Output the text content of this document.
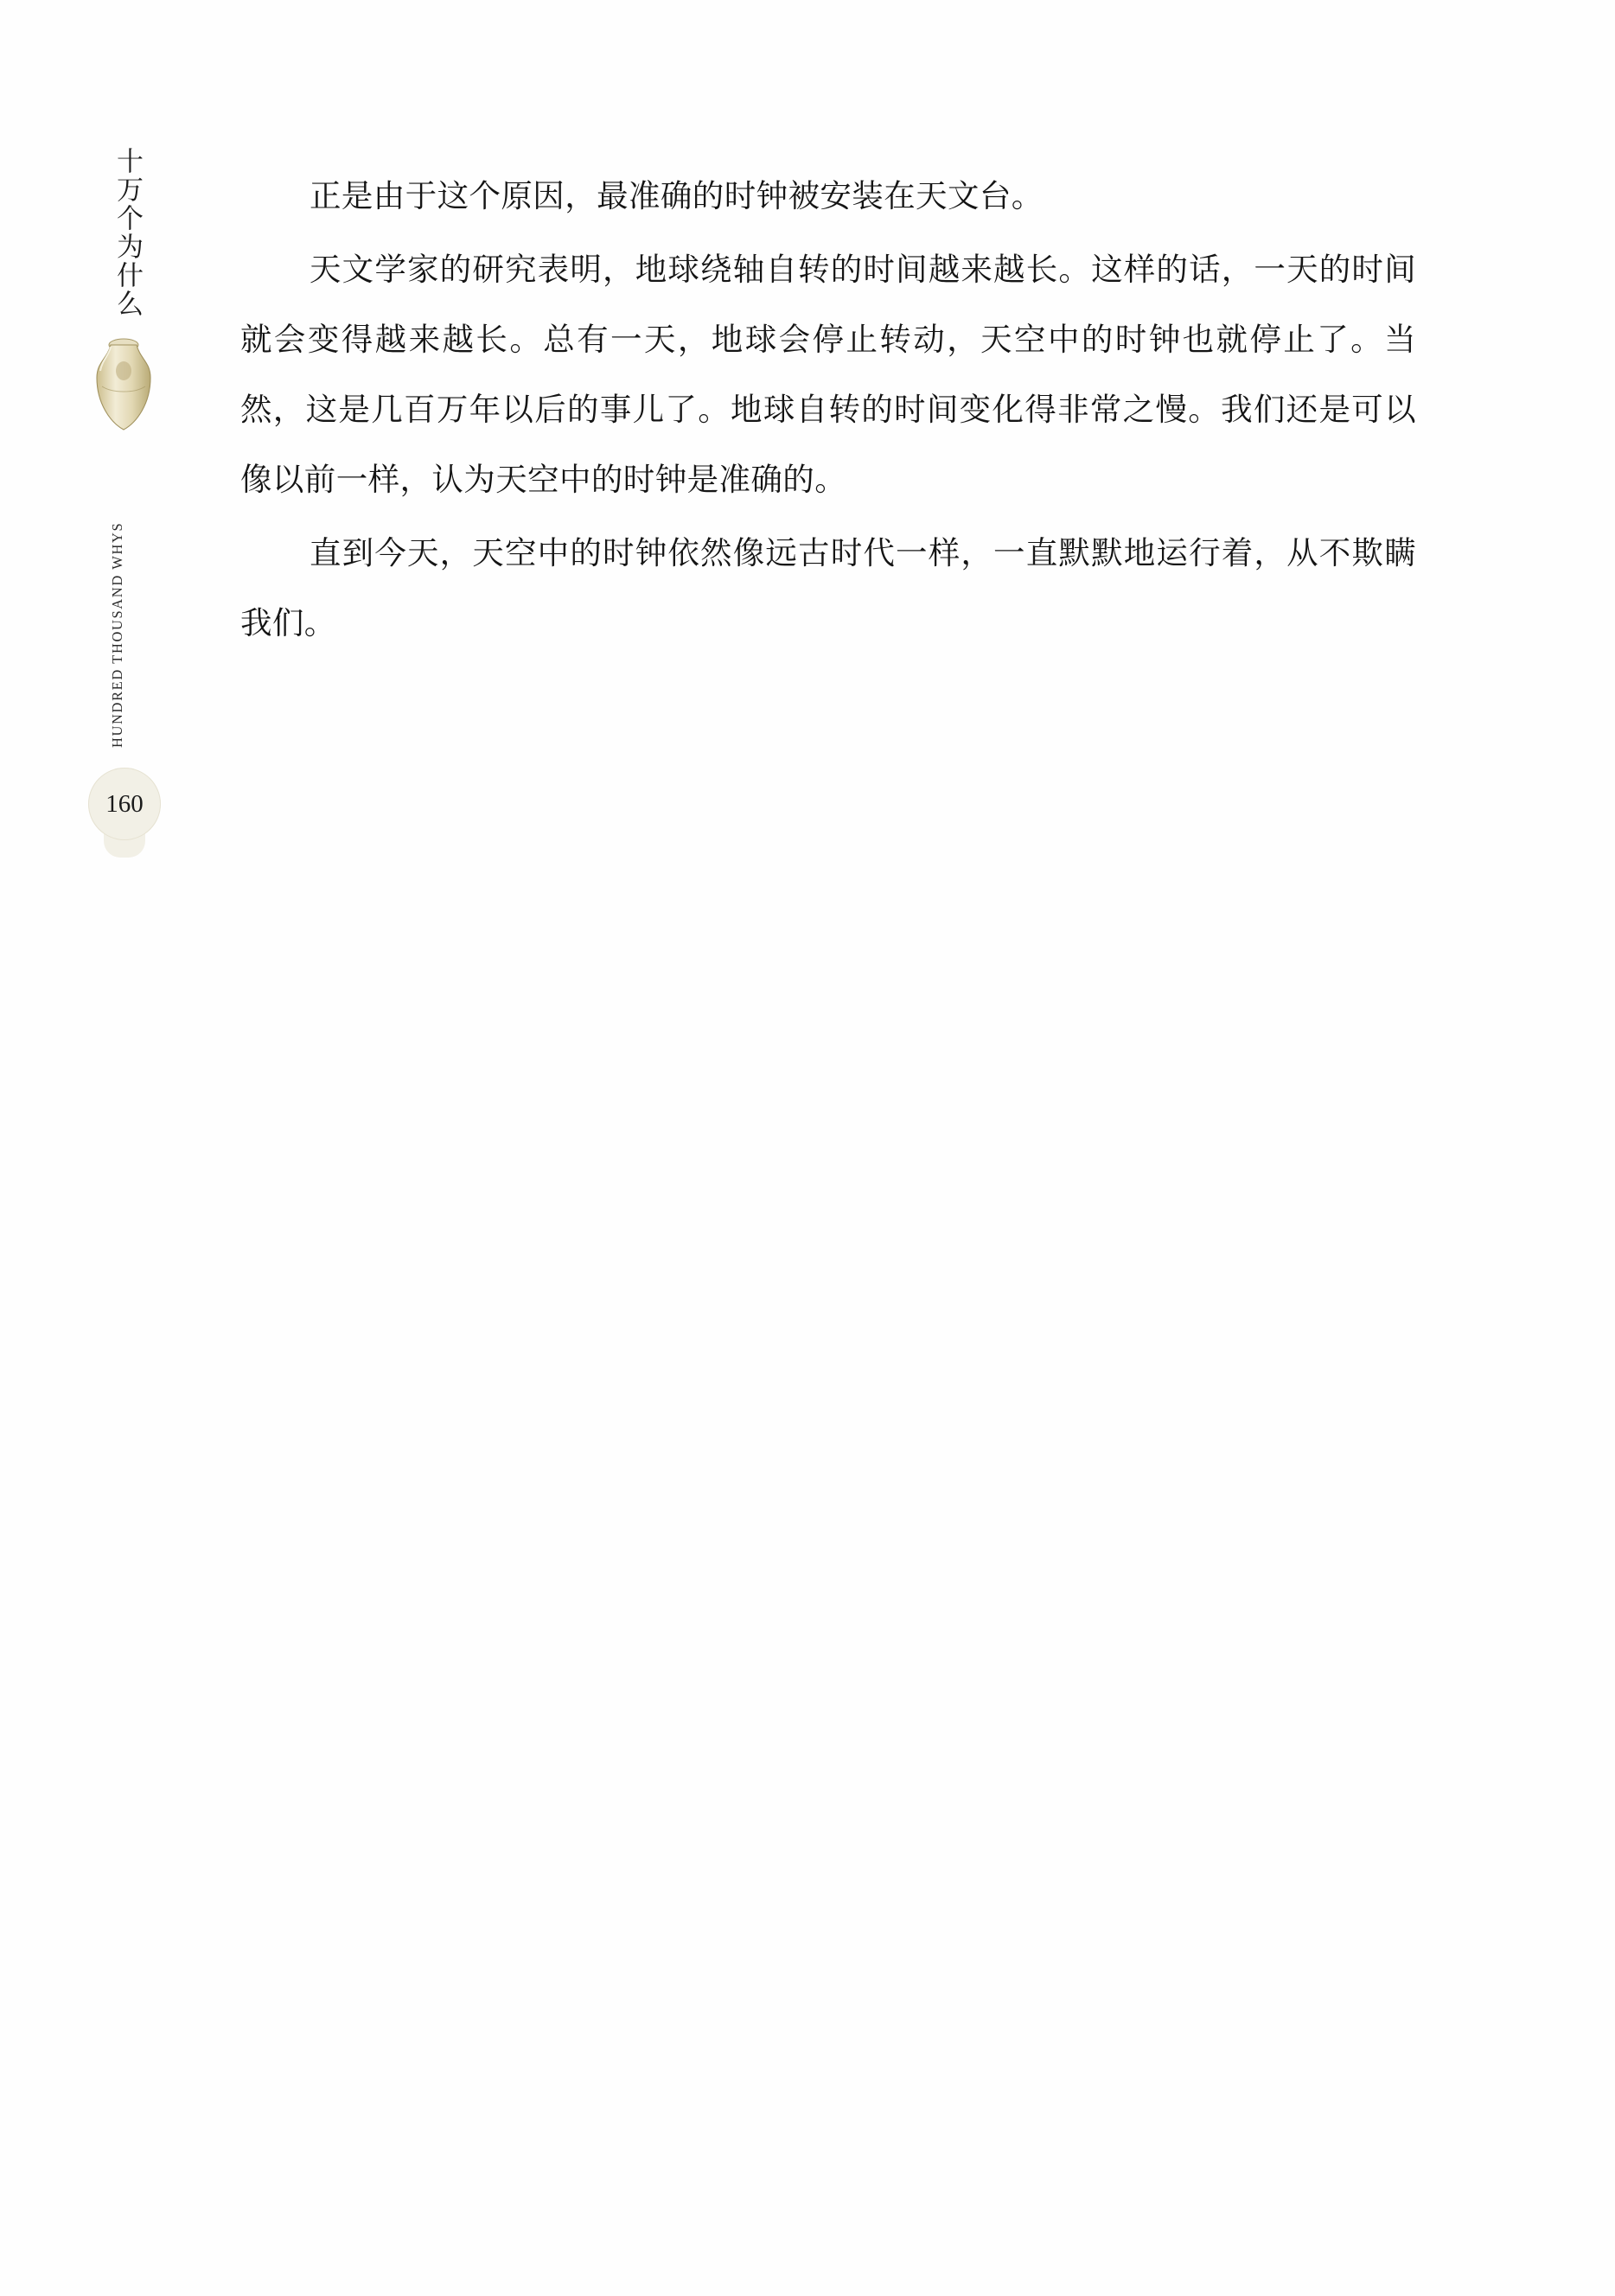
十万个为什么
HUNDRED THOUSAND WHYS
160

正是由于这个原因，最准确的时钟被安装在天文台。

天文学家的研究表明，地球绕轴自转的时间越来越长。这样的话，一天的时间就会变得越来越长。总有一天，地球会停止转动，天空中的时钟也就停止了。当然，这是几百万年以后的事儿了。地球自转的时间变化得非常之慢。我们还是可以像以前一样，认为天空中的时钟是准确的。

直到今天，天空中的时钟依然像远古时代一样，一直默默地运行着，从不欺瞒我们。
